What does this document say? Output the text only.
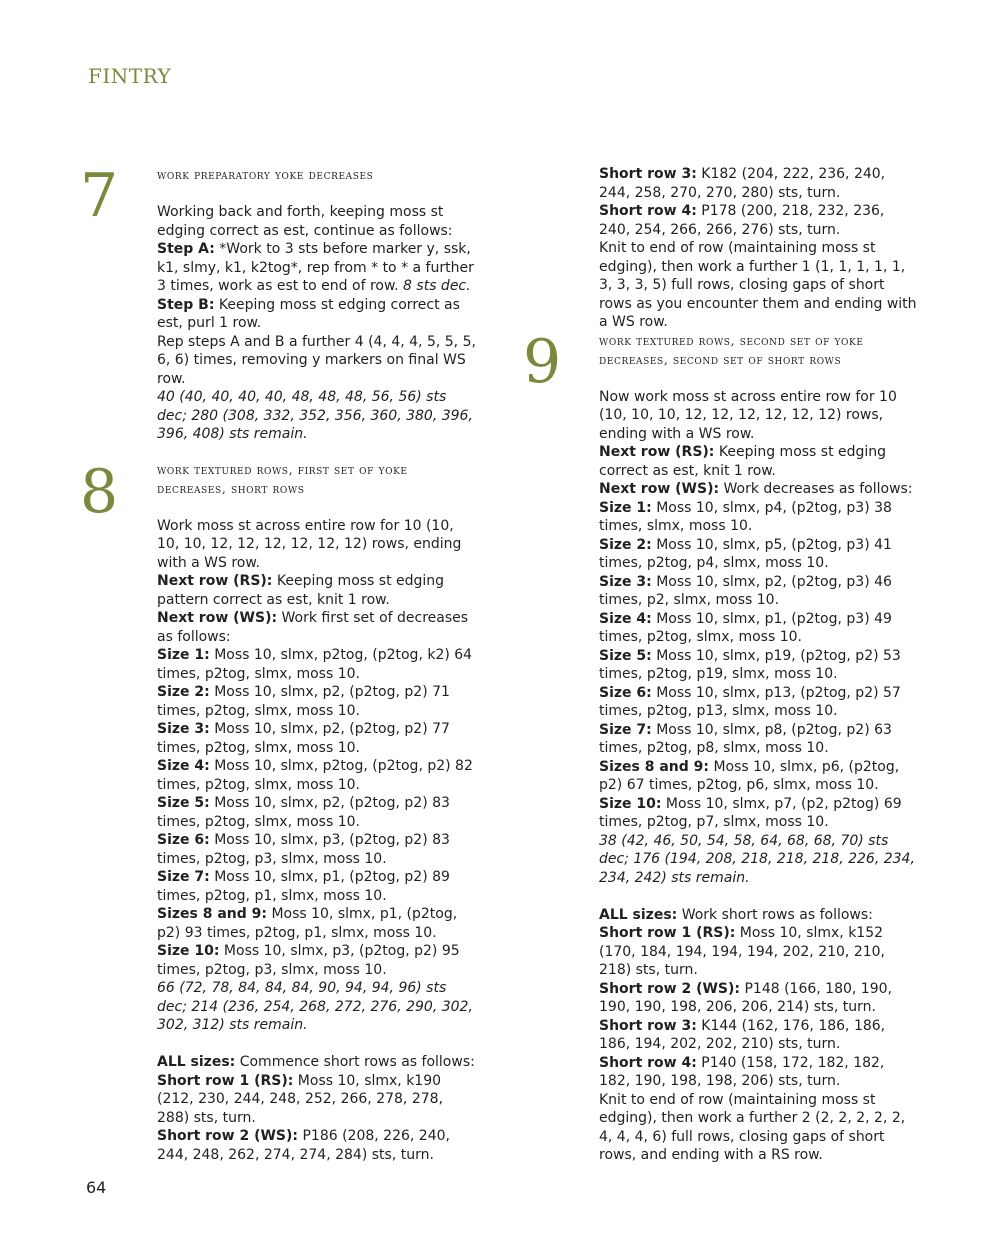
FINTRY
7	work preparatory yoke decreases

Working back and forth, keeping moss st edging correct as est, continue as follows:

Step A: *Work to 3 sts before marker y, ssk, k1, slmy, k1, k2tog*, rep from * to * a further 3 times, work as est to end of row. 8 sts dec.

Step B: Keeping moss st edging correct as est, purl 1 row.

Rep steps A and B a further 4 (4, 4, 4, 5, 5, 5, 6, 6) times, removing y markers on final WS row.

40 (40, 40, 40, 40, 48, 48, 48, 56, 56) sts dec; 280 (308, 332, 352, 356, 360, 380, 396, 396, 408) sts remain.

8	work textured rows, first set of yoke

decreases, short rows

Work moss st across entire row for 10 (10, 10, 10, 12, 12, 12, 12, 12, 12) rows, ending with a WS row.

Next row (RS): Keeping moss st edging pattern correct as est, knit 1 row.

Next row (WS): Work first set of decreases as follows:

Size 1: Moss 10, slmx, p2tog, (p2tog, k2) 64 times, p2tog, slmx, moss 10.

Size 2: Moss 10, slmx, p2, (p2tog, p2) 71 times, p2tog, slmx, moss 10.

Size 3: Moss 10, slmx, p2, (p2tog, p2) 77 times, p2tog, slmx, moss 10.

Size 4: Moss 10, slmx, p2tog, (p2tog, p2) 82 times, p2tog, slmx, moss 10.

Size 5: Moss 10, slmx, p2, (p2tog, p2) 83 times, p2tog, slmx, moss 10.

Size 6: Moss 10, slmx, p3, (p2tog, p2) 83 times, p2tog, p3, slmx, moss 10.

Size 7: Moss 10, slmx, p1, (p2tog, p2) 89 times, p2tog, p1, slmx, moss 10.

Sizes 8 and 9: Moss 10, slmx, p1, (p2tog, p2) 93 times, p2tog, p1, slmx, moss 10.

Size 10: Moss 10, slmx, p3, (p2tog, p2) 95 times, p2tog, p3, slmx, moss 10.

66 (72, 78, 84, 84, 84, 90, 94, 94, 96) sts dec; 214 (236, 254, 268, 272, 276, 290, 302, 302, 312) sts remain.

ALL sizes: Commence short rows as follows:

Short row 1 (RS): Moss 10, slmx, k190 (212, 230, 244, 248, 252, 266, 278, 278, 288) sts, turn.

Short row 2 (WS): P186 (208, 226, 240, 244, 248, 262, 274, 274, 284) sts, turn.

Short row 3: K182 (204, 222, 236, 240, 244, 258, 270, 270, 280) sts, turn.

Short row 4: P178 (200, 218, 232, 236, 240, 254, 266, 266, 276) sts, turn.

Knit to end of row (maintaining moss st edging), then work a further 1 (1, 1, 1, 1, 1, 3, 3, 3, 5) full rows, closing gaps of short rows as you encounter them and ending with a WS row.

9	work textured rows, second set of yoke

decreases, second set of short rows

Now work moss st across entire row for 10 (10, 10, 10, 12, 12, 12, 12, 12, 12) rows, ending with a WS row.

Next row (RS): Keeping moss st edging correct as est, knit 1 row.

Next row (WS): Work decreases as follows:

Size 1: Moss 10, slmx, p4, (p2tog, p3) 38 times, slmx, moss 10.

Size 2: Moss 10, slmx, p5, (p2tog, p3) 41 times, p2tog, p4, slmx, moss 10.

Size 3: Moss 10, slmx, p2, (p2tog, p3) 46 times, p2, slmx, moss 10.

Size 4: Moss 10, slmx, p1, (p2tog, p3) 49 times, p2tog, slmx, moss 10.

Size 5: Moss 10, slmx, p19, (p2tog, p2) 53 times, p2tog, p19, slmx, moss 10.

Size 6: Moss 10, slmx, p13, (p2tog, p2) 57 times, p2tog, p13, slmx, moss 10.

Size 7: Moss 10, slmx, p8, (p2tog, p2) 63 times, p2tog, p8, slmx, moss 10.

Sizes 8 and 9: Moss 10, slmx, p6, (p2tog, p2) 67 times, p2tog, p6, slmx, moss 10.

Size 10: Moss 10, slmx, p7, (p2, p2tog) 69 times, p2tog, p7, slmx, moss 10.

38 (42, 46, 50, 54, 58, 64, 68, 68, 70) sts dec; 176 (194, 208, 218, 218, 218, 226, 234, 234, 242) sts remain.

ALL sizes: Work short rows as follows:

Short row 1 (RS): Moss 10, slmx, k152 (170, 184, 194, 194, 194, 202, 210, 210, 218) sts, turn.

Short row 2 (WS): P148 (166, 180, 190, 190, 190, 198, 206, 206, 214) sts, turn.

Short row 3: K144 (162, 176, 186, 186, 186, 194, 202, 202, 210) sts, turn.

Short row 4: P140 (158, 172, 182, 182, 182, 190, 198, 198, 206) sts, turn.

Knit to end of row (maintaining moss st edging), then work a further 2 (2, 2, 2, 2, 2, 4, 4, 4, 6) full rows, closing gaps of short rows, and ending with a RS row.

64
